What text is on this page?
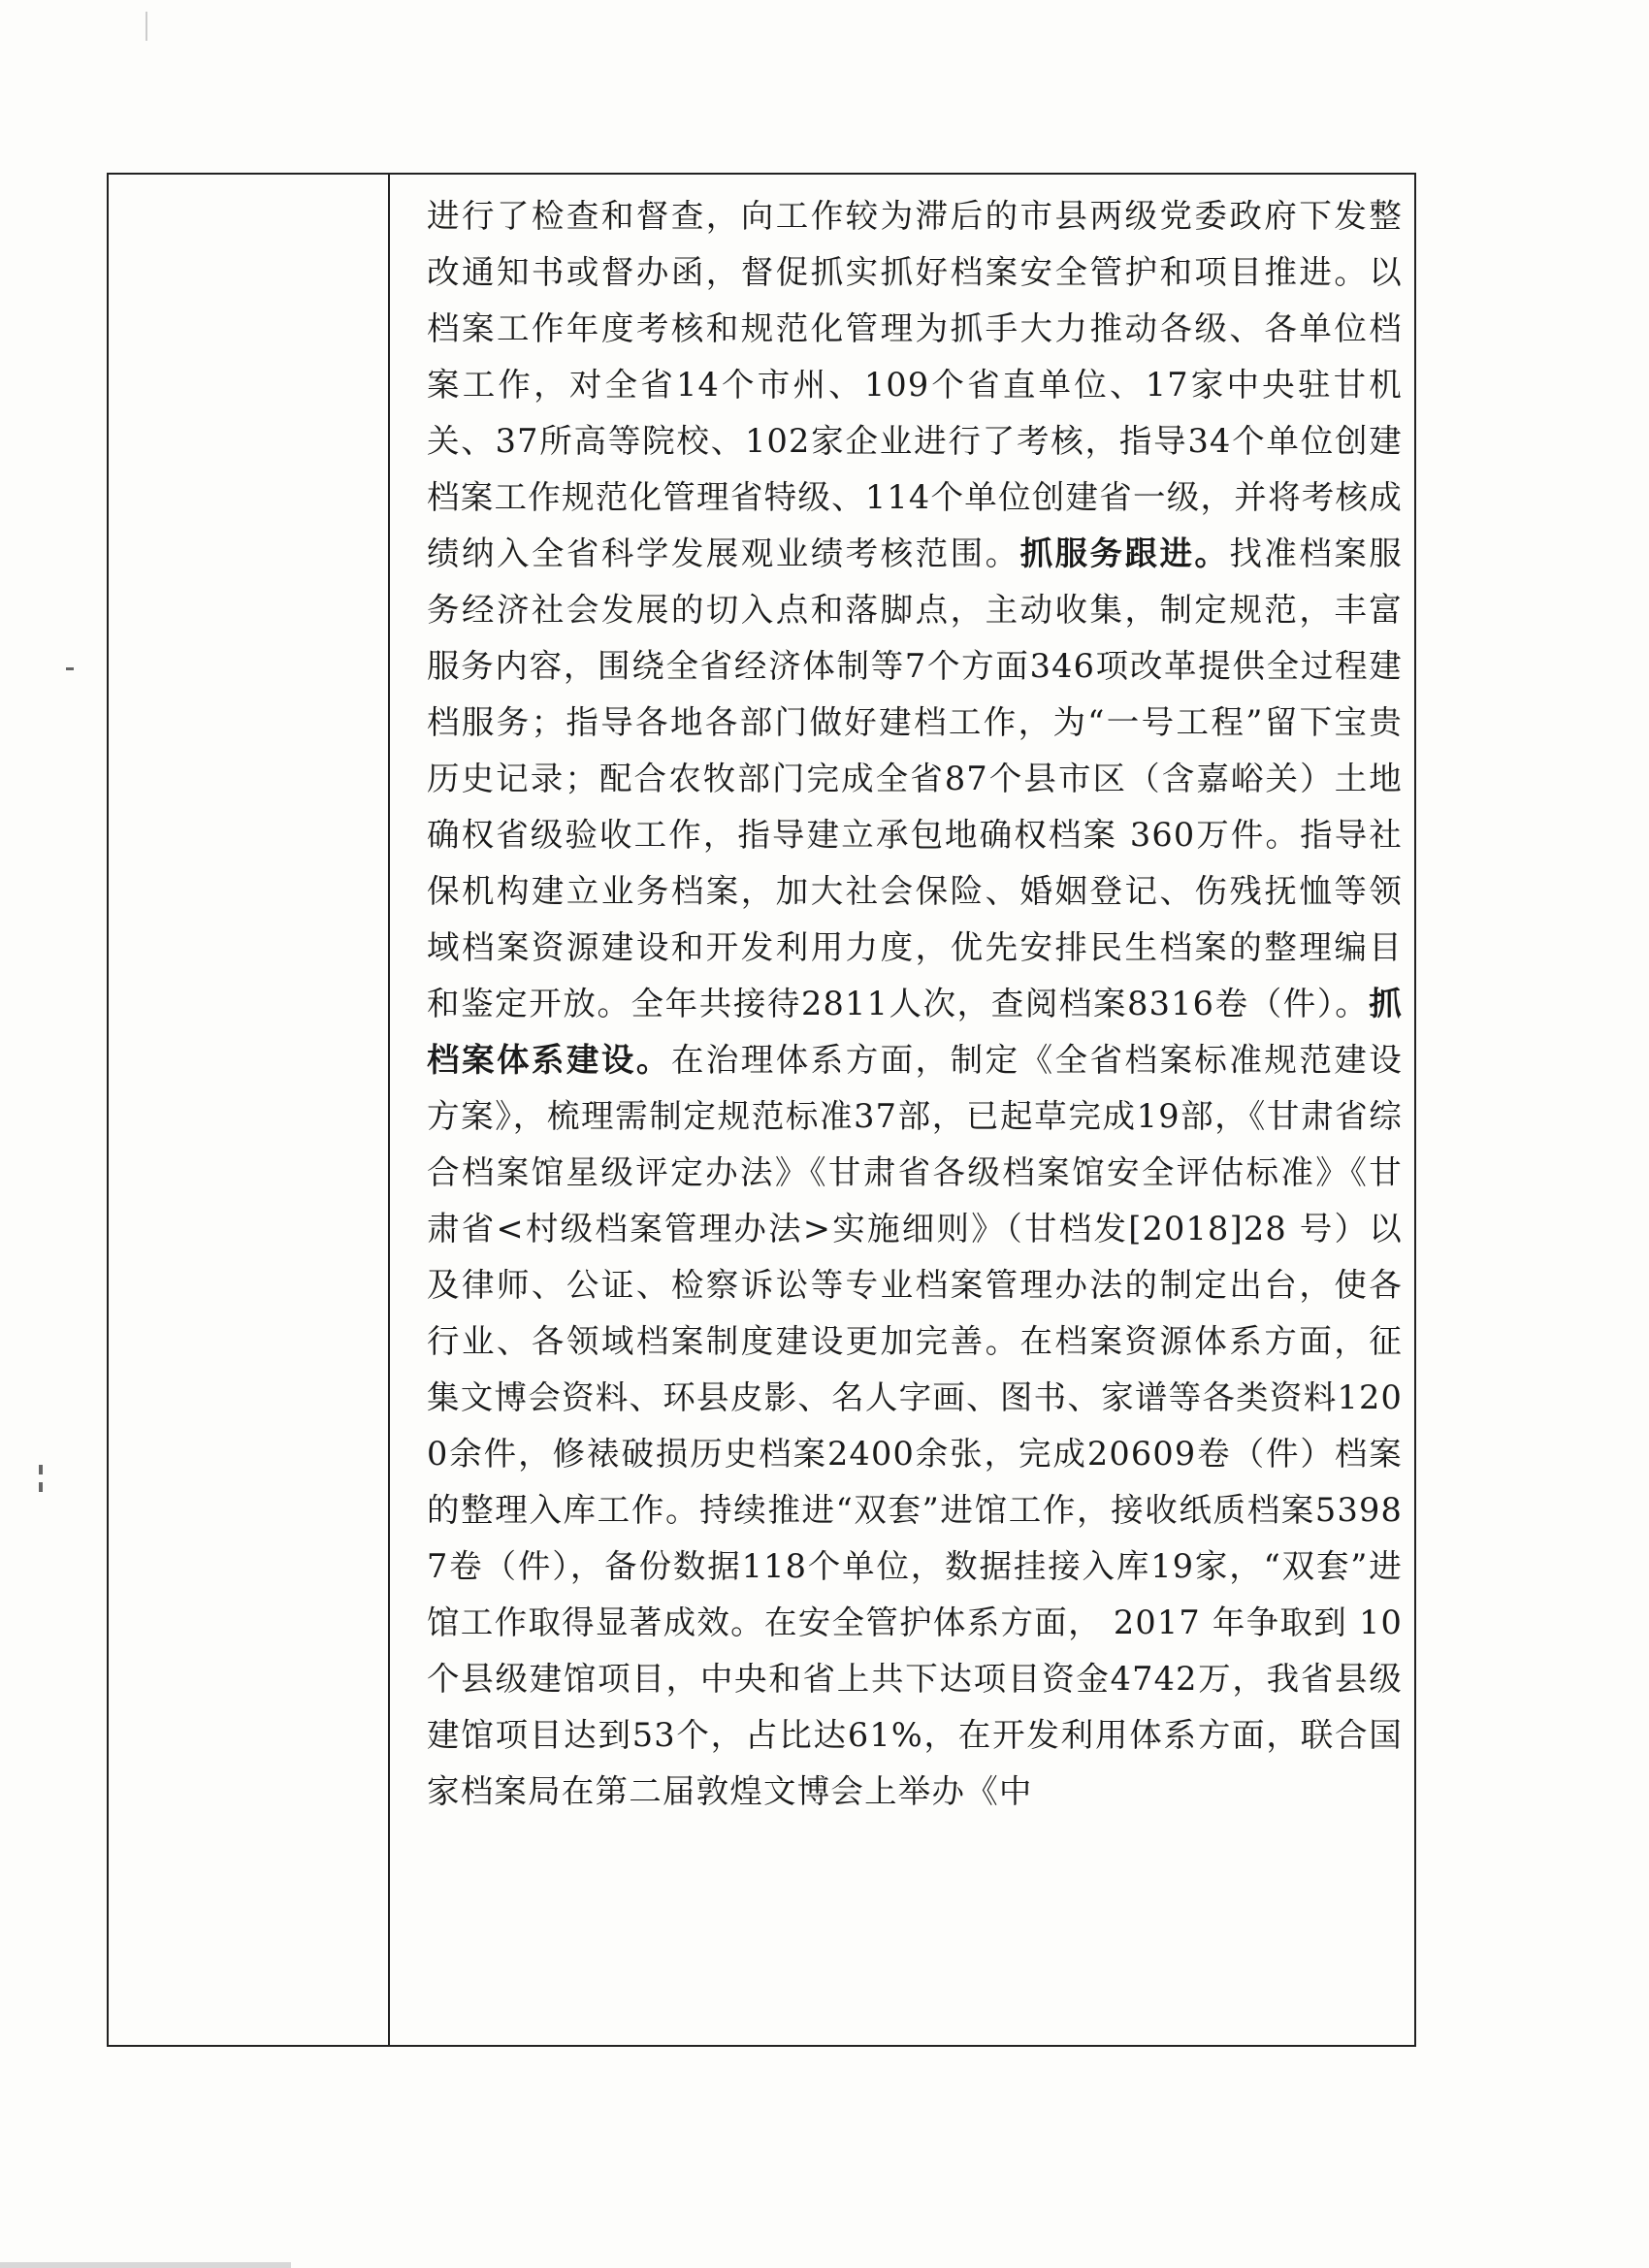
进行了检查和督查，向工作较为滞后的市县两级党委政府下发整改通知书或督办函，督促抓实抓好档案安全管护和项目推进。以档案工作年度考核和规范化管理为抓手大力推动各级、各单位档案工作，对全省14个市州、109个省直单位、17家中央驻甘机关、37所高等院校、102家企业进行了考核，指导34个单位创建档案工作规范化管理省特级、114个单位创建省一级，并将考核成绩纳入全省科学发展观业绩考核范围。抓服务跟进。找准档案服务经济社会发展的切入点和落脚点，主动收集，制定规范，丰富服务内容，围绕全省经济体制等7个方面346项改革提供全过程建档服务；指导各地各部门做好建档工作，为“一号工程”留下宝贵历史记录；配合农牧部门完成全省87个县市区（含嘉峪关）土地确权省级验收工作，指导建立承包地确权档案 360万件。指导社保机构建立业务档案，加大社会保险、婚姻登记、伤残抚恤等领域档案资源建设和开发利用力度，优先安排民生档案的整理编目和鉴定开放。全年共接待2811人次，查阅档案8316卷（件）。抓档案体系建设。在治理体系方面，制定《全省档案标准规范建设方案》，梳理需制定规范标准37部，已起草完成19部，《甘肃省综合档案馆星级评定办法》《甘肃省各级档案馆安全评估标准》《甘肃省<村级档案管理办法>实施细则》（甘档发[2018]28 号）以及律师、公证、检察诉讼等专业档案管理办法的制定出台，使各行业、各领域档案制度建设更加完善。在档案资源体系方面，征集文博会资料、环县皮影、名人字画、图书、家谱等各类资料1200余件，修裱破损历史档案2400余张，完成20609卷（件）档案的整理入库工作。持续推进“双套”进馆工作，接收纸质档案53987卷（件），备份数据118个单位，数据挂接入库19家，“双套”进馆工作取得显著成效。在安全管护体系方面， 2017 年争取到 10个县级建馆项目，中央和省上共下达项目资金4742万，我省县级建馆项目达到53个，占比达61%，在开发利用体系方面，联合国家档案局在第二届敦煌文博会上举办《中
